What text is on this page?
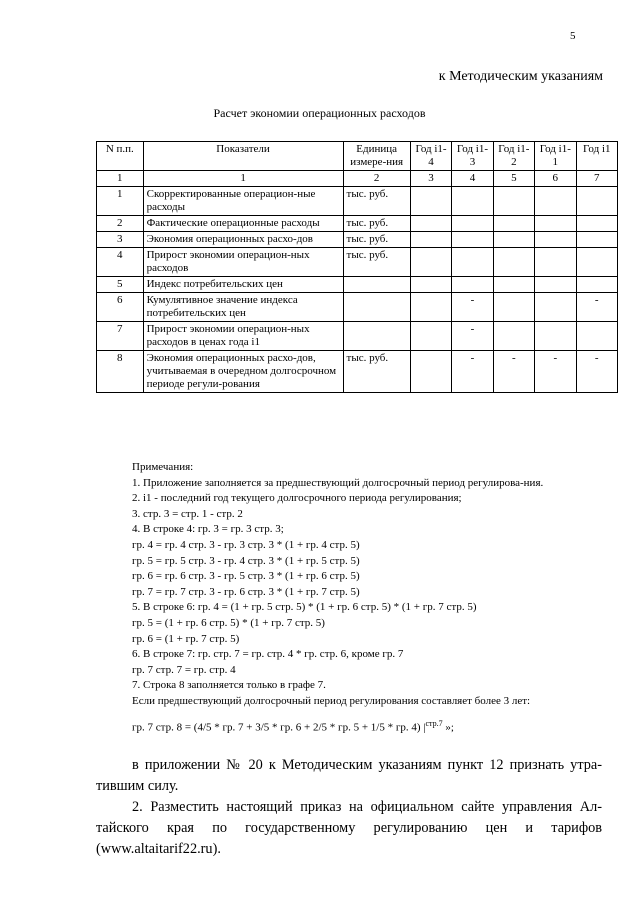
5
к Методическим указаниям
Расчет экономии операционных расходов
N п.п.	Показатели	Единица измере-ния	Год i1-4	Год i1-3	Год i1-2	Год i1-1	Год i1
1	1	2	3	4	5	6	7
1	Скорректированные операцион-ные расходы	тыс. руб.					
2	Фактические операционные расходы	тыс. руб.					
3	Экономия операционных расхо-дов	тыс. руб.					
4	Прирост экономии операцион-ных расходов	тыс. руб.					
5	Индекс потребительских цен						
6	Кумулятивное значение индекса потребительских цен			-			-
7	Прирост экономии операцион-ных расходов в ценах года i1			-			
8	Экономия операционных расхо-дов, учитываемая в очередном долгосрочном периоде регули-рования	тыс. руб.		-	-	-	-
Примечания:
1. Приложение заполняется за предшествующий долгосрочный период регулирова-ния.
2. i1 - последний год текущего долгосрочного периода регулирования;
3. стр. 3 = стр. 1 - стр. 2
4. В строке 4: гр. 3 = гр. 3 стр. 3;
гр. 4 = гр. 4 стр. 3 - гр. 3 стр. 3 * (1 + гр. 4 стр. 5)
гр. 5 = гр. 5 стр. 3 - гр. 4 стр. 3 * (1 + гр. 5 стр. 5)
гр. 6 = гр. 6 стр. 3 - гр. 5 стр. 3 * (1 + гр. 6 стр. 5)
гр. 7 = гр. 7 стр. 3 - гр. 6 стр. 3 * (1 + гр. 7 стр. 5)
5. В строке 6: гр. 4 = (1 + гр. 5 стр. 5) * (1 + гр. 6 стр. 5) * (1 + гр. 7 стр. 5)
гр. 5 = (1 + гр. 6 стр. 5) * (1 + гр. 7 стр. 5)
гр. 6 = (1 + гр. 7 стр. 5)
6. В строке 7: гр. стр. 7 = гр. стр. 4 * гр. стр. 6, кроме гр. 7
гр. 7 стр. 7 = гр. стр. 4
7. Строка 8 заполняется только в графе 7.
Если предшествующий долгосрочный период регулирования составляет более 3 лет:
гр. 7 стр. 8 = (4/5 * гр. 7 + 3/5 * гр. 6 + 2/5 * гр. 5 + 1/5 * гр. 4) $|^{стр.7}$ »;

в приложении № 20 к Методическим указаниям пункт 12 признать утра-тившим силу.

2. Разместить настоящий приказ на официальном сайте управления Ал-тайского края по государственному регулированию цен и тарифов (www.altaitarif22.ru).
